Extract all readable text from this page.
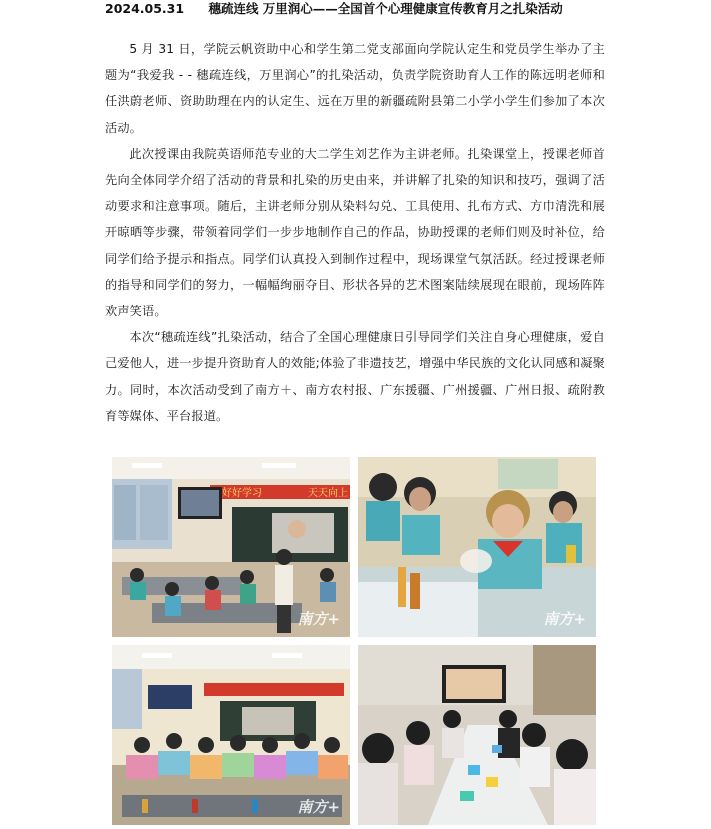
2024.05.31 穗疏连线 万里润心——全国首个心理健康宣传教育月之扎染活动

5 月 31 日，学院云帆资助中心和学生第二党支部面向学院认定生和党员学生举办了主题为“我爱我 - - 穗疏连线，万里润心”的扎染活动，负责学院资助育人工作的陈远明老师和任洪蔚老师、资助助理在内的认定生、远在万里的新疆疏附县第二小学小学生们参加了本次活动。

此次授课由我院英语师范专业的大二学生刘艺作为主讲老师。扎染课堂上，授课老师首先向全体同学介绍了活动的背景和扎染的历史由来，并讲解了扎染的知识和技巧，强调了活动要求和注意事项。随后，主讲老师分别从染料勾兑、工具使用、扎布方式、方巾清洗和展开晾晒等步骤，带领着同学们一步步地制作自己的作品，协助授课的老师们则及时补位，给同学们给予提示和指点。同学们认真投入到制作过程中，现场课堂气氛活跃。经过授课老师的指导和同学们的努力，一幅幅绚丽夺目、形状各异的艺术图案陆续展现在眼前，现场阵阵欢声笑语。

本次“穗疏连线”扎染活动，结合了全国心理健康日引导同学们关注自身心理健康，爱自己爱他人，进一步提升资助育人的效能;体验了非遗技艺，增强中华民族的文化认同感和凝聚力。同时，本次活动受到了南方＋、南方农村报、广东援疆、广州援疆、广州日报、疏附教育等媒体、平台报道。

好好学习	天天向上
南方+	南方+
南方+
